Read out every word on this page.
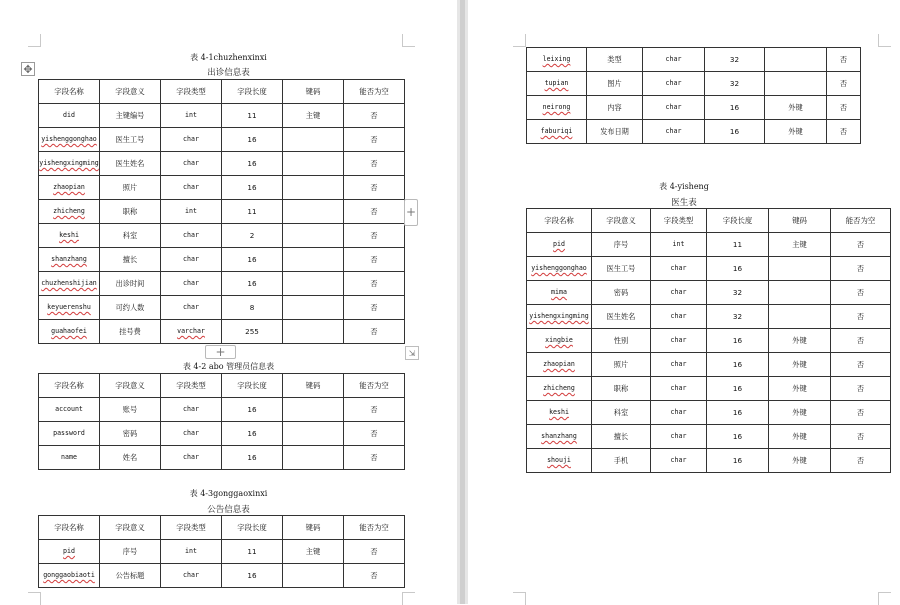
✥
表 4-1chuzhenxinxi
出诊信息表
字段名称	字段意义	字段类型	字段长度	键码	能否为空
did	主键编号	int	11	主键	否
yishenggonghao	医生工号	char	16		否
yishengxingming	医生姓名	char	16		否
zhaopian	照片	char	16		否
zhicheng	职称	int	11		否
keshi	科室	char	2		否
shanzhang	擅长	char	16		否
chuzhenshijian	出诊时间	char	16		否
keyuerenshu	可约人数	char	8		否
guahaofei	挂号费	varchar	255		否
+
+	⇲
表 4-2 abo 管理员信息表
字段名称	字段意义	字段类型	字段长度	键码	能否为空
account	账号	char	16		否
password	密码	char	16		否
name	姓名	char	16		否
表 4-3gonggaoxinxi
公告信息表
字段名称	字段意义	字段类型	字段长度	键码	能否为空
pid	序号	int	11	主键	否
gonggaobiaoti	公告标题	char	16		否
leixing	类型	char	32		否
tupian	图片	char	32		否
neirong	内容	char	16	外键	否
faburiqi	发布日期	char	16	外键	否
表 4-yisheng
医生表
字段名称	字段意义	字段类型	字段长度	键码	能否为空
pid	序号	int	11	主键	否
yishenggonghao	医生工号	char	16		否
mima	密码	char	32		否
yishengxingming	医生姓名	char	32		否
xingbie	性别	char	16	外键	否
zhaopian	照片	char	16	外键	否
zhicheng	职称	char	16	外键	否
keshi	科室	char	16	外键	否
shanzhang	擅长	char	16	外键	否
shouji	手机	char	16	外键	否
